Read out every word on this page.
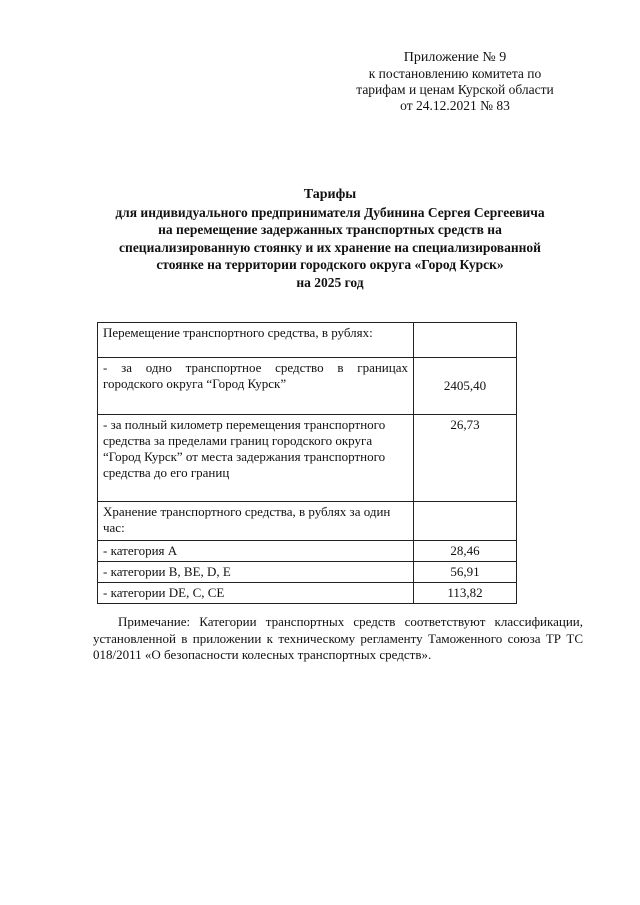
Приложение № 9
к постановлению комитета по
тарифам и ценам Курской области
от 24.12.2021 № 83
Тарифы
для индивидуального предпринимателя Дубинина Сергея Сергеевича
на перемещение задержанных транспортных средств на
специализированную стоянку и их хранение на специализированной
стоянке на территории городского округа «Город Курск»
на 2025 год
Перемещение транспортного средства, в рублях:	
- за одно транспортное средство в границах городского округа “Город Курск”	2405,40
- за полный километр перемещения транспортного средства за пределами границ городского округа “Город Курск” от места задержания транспортного средства до его границ	26,73
Хранение транспортного средства, в рублях за один час:	
- категория А	28,46
- категории B, BE, D, E	56,91
- категории DE, C, CE	113,82
Примечание: Категории транспортных средств соответствуют классификации, установленной в приложении к техническому регламенту Таможенного союза ТР ТС 018/2011 «О безопасности колесных транспортных средств».
